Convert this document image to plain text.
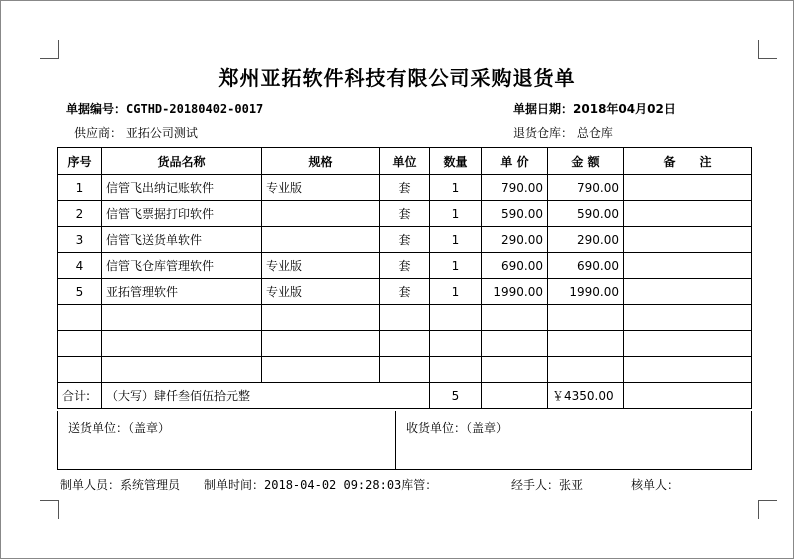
郑州亚拓软件科技有限公司采购退货单
单据编号：CGTHD-20180402-0017	单据日期：2018年04月02日
供应商： 亚拓公司测试	退货仓库： 总仓库
序号	货品名称	规格	单位	数量	单 价	金 额	备　　注
1	信管飞出纳记账软件	专业版	套	1	790.00	790.00	
2	信管飞票据打印软件		套	1	590.00	590.00	
3	信管飞送货单软件		套	1	290.00	290.00	
4	信管飞仓库管理软件	专业版	套	1	690.00	690.00	
5	亚拓管理软件	专业版	套	1	1990.00	1990.00	

合计:	（大写）肆仟叁佰伍拾元整			5		￥4350.00	
送货单位：（盖章）	收货单位：（盖章）
制单人员：系统管理员 制单时间：2018-04-02 09:28:03库管：	经手人：张亚	核单人：
